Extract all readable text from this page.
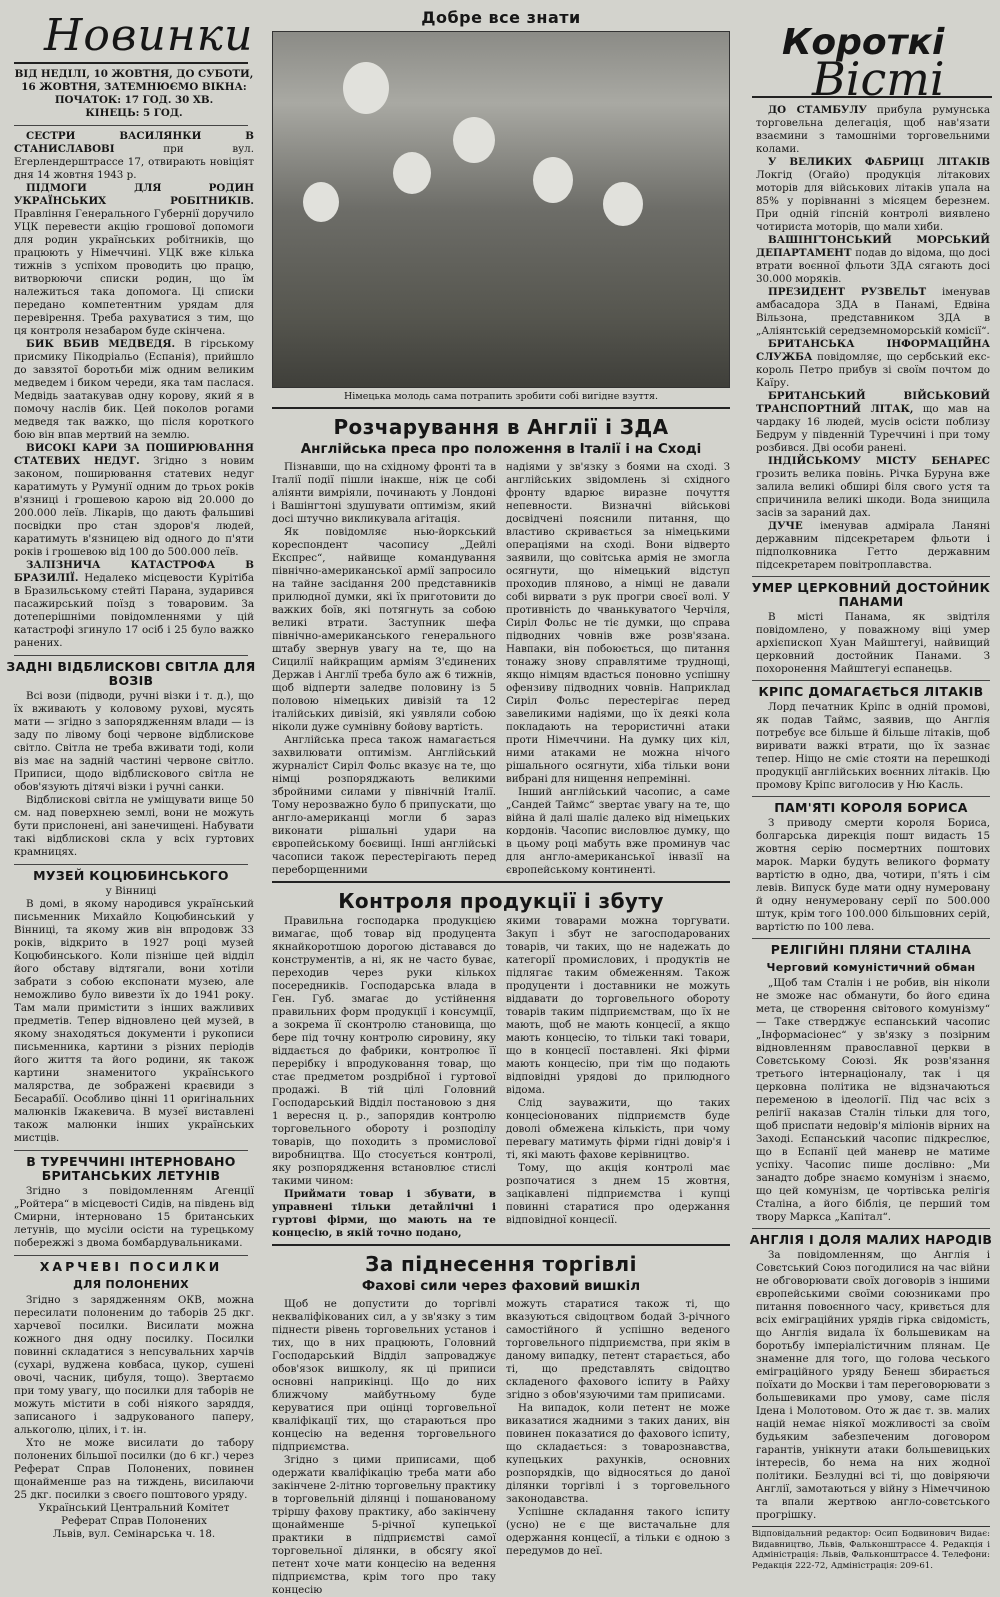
Новинки

ВІД НЕДІЛІ, 10 ЖОВТНЯ, ДО СУБОТИ,

16 ЖОВТНЯ, ЗАТЕМНЮЄМО ВІКНА:

ПОЧАТОК: 17 ГОД. 30 ХВ.

КІНЕЦЬ: 5 ГОД.

СЕСТРИ ВАСИЛЯНКИ В СТАНИСЛАВОВІ	при вул. Егерлендерштрассе 17, отвирають новіціят дня 14 жовтня 1943 р.

ПІДМОГИ ДЛЯ РОДИН УКРАЇНСЬКИХ РОБІТНИКІВ. Правління Генерального Губернії доручило УЦК перевести акцію грошової допомоги для родин українських робітників, що працюють у Німеччині. УЦК вже кілька тижнів з успіхом проводить цю працю, витворюючи списки родин, що їм належиться така допомога. Ці списки передано компетентним урядам для перевірення. Треба рахуватися з тим, що ця контроля незабаром буде скінчена.

БИК ВБИВ МЕДВЕДЯ. В гірському присмику Пікодріальо (Еспанія), прийшло до завзятої боротьби між одним великим медведем і биком череди, яка там паслася. Медвідь заатакував одну корову, який я в помочу наслів бик. Цей поколов рогами медведя так важко, що після короткого бою він впав мертвий на землю.

ВИСОКІ КАРИ ЗА ПОШИРЮВАННЯ СТАТЕВИХ НЕДУГ. Згідно з новим законом, поширювання статевих недуг каратимуть у Румунії одним до трьох років в'язниці і грошевою карою від 20.000 до 200.000 леїв. Лікарів, що дають фальшиві посвідки про стан здоров'я людей, каратимуть в'язницею від одного до п'яти років і грошевою від 100 до 500.000 леїв.

ЗАЛІЗНИЧА КАТАСТРОФА В БРАЗИЛІЇ. Недалеко місцевости Курітіба в Бразильському стейті Парана, зударився пасажирський поїзд з товаровим. За дотеперішніми повідомленнями у цій катастрофі згинуло 17 осіб і 25 було важко ранених.

ЗАДНІ ВІДБЛИСКОВІ СВІТЛА ДЛЯ ВОЗІВ

Всі вози (підводи, ручні візки і т. д.), що їх вживають у коловому руховi, мусять мати — згідно з запорядженням влади — із заду по лівому боці червоне відблискове світло. Світла не треба вживати тоді, коли віз має на задній частині червоне світло. Приписи, щодо відблискового світла не обов'язують дітячі візки і ручні санки.

Відблискові світла не уміщувати вище 50 см. над поверхнею землі, вони не можуть бути прислонені, ані занечищені. Набувати такі відблискові скла у всіх гуртових крамницях.

МУЗЕЙ КОЦЮБИНСЬКОГО

у Вінниці

В домі, в якому народився український письменник Михайло Коцюбинський у Вінниці, та якому жив він впродовж 33 років, відкрито в 1927 році музей Коцюбинського. Коли пізніше цей відділ його обставу відтягали, вони хотіли забрати з собою експонати музею, але неможливо було вивезти їх до 1941 року. Там мали примістити з інших важливих предметів. Тепер відновлено цей музей, в якому знаходяться документи і рукописи письменника, картини з різних періодів його життя та його родини, як також картини знаменитого українського малярства, де зображені краєвиди з Бесарабії. Особливо цінні 11 оригінальних малюнків Іжакевича. В музеї виставлені також малюнки інших українських мистців.

В ТУРЕЧЧИНІ ІНТЕРНОВАНО БРИТАНСЬКИХ ЛЕТУНІВ

Згідно з повідомленням Агенції „Ройтера“ в місцевості Сидів, на південь від Смирни, інтерновано 15 британських летунів, що мусіли осісти на турецькому побережжі з двома бомбардувальниками.

ХАРЧЕВІ ПОСИЛКИ
ДЛЯ ПОЛОНЕНИХ

Згідно з зарядженням ОКВ, можна пересилати полоненим до таборів 25 дкг. харчевої посилки. Висилати можна кожного дня одну посилку. Посилки повинні складатися з непсувальних харчів (сухарі, вуджена ковбаса, цукор, сушені овочі, часник, цибуля, тощо). Звертаємо при тому увагу, що посилки для таборів не можуть містити в собі ніякого заряддя, записаного і задрукованого паперу, алькоголю, цілих, і т. ін.

Хто не може висилати до табору полонених більшої посилки (до 6 кг.) через Реферат Справ Полонених, повинен щонайменше раз на тиждень, висилаючи 25 дкг. посилки з своєго поштового уряду.

Український Центральний Комітет

Реферат Справ Полонених

Львів, вул. Семінарська ч. 18.

Добре все знати

Німецька молодь сама потрапить зробити собі вигідне взуття.

Розчарування в Англії і ЗДА
Англійська преса про положення в Італії і на Сході

Пізнавши, що на східному фронті та в Італії події пішли інакше, ніж це собі аліянти вимріяли, починають у Лондоні і Вашінгтоні здушувати оптимізм, який досі штучно викликувала агітація.

Як повідомляє нью-йоркський кореспондент часопису „Дейлі Експрес“, найвище командування північно-американської армії запросило на тайне засідання 200 представників прилюдної думки, які їх приготовити до важких боїв, які потягнуть за собою великі втрати. Заступник шефа північно-американського генерального штабу звернув увагу на те, що на Сицилії найкращим арміям З'єдинених Держав і Англії треба було аж 6 тижнів, щоб відперти заледве половину із 5 половою німецьких дивізій та 12 італійських дивізій, які уявляли собою ніколи дуже сумнівну бойову вартість.

Англійська преса також намагається захвилювати оптимізм. Англійський журналіст Сиріл Фольс вказує на те, що німці розпоряджають великими збройними силами у північній Італії. Тому нерозважно було б припускати, що англо-американці могли б зараз виконати рішальні удари на європейському боєвищі. Інші англійські часописи також перестерігають перед переборщенними

надіями у зв'язку з боями на сході. З англійських звідомлень зі східного фронту вдарює виразне почуття непевности. Визначні військові досвідчені пояснили питання, що властиво скривається за німецькими операціями на сході. Вони відверто заявили, що совітська армія не змогла осягнути, що німецький відступ проходив пляново, а німці не давали собі вирвати з рук прогри своєї волі. У противність до чванькуватого Черчіля, Сиріл Фольс не тіє думки, що справа підводних човнів вже розв'язана. Навпаки, він побоюється, що питання тонажу знову справлятиме труднощі, якщо німцям вдасться поновно успішну офензиву підводних човнів. Наприклад Сиріл Фольс перестерігає перед завеликими надіями, що їх деякі кола покладають на терористичні атаки проти Німеччини. На думку цих кіл, ними атаками не можна нічого рішального осягнути, хіба тільки вони вибрані для нищення непремінні.

Інший англійський часопис, а саме „Сандей Таймс“ звертає увагу на те, що війна й далі шаліє далеко від німецьких кордонів. Часопис висловлює думку, що в цьому році мабуть вже проминув час для англо-американської інвазії на європейському континенті.

Контроля продукції і збуту

Правильна господарка продукцією вимагає, щоб товар від продуцента якнайкоротшою дорогою діставався до конструментів, а ні, як не часто буває, переходив через руки кількох посередників. Господарська влада в Ген. Губ. змагає до устійнення правильних форм продукції і консумції, а зокрема її сконтролю становища, що бере під точну контролю сировину, яку віддається до фабрики, контролює її перерібку і впродуковання товар, що стає предметом роздрібної і гуртової продажі. В тій цілі Головний Господарський Відділ постановою з дня 1 вересня ц. р., запорядив контролю торговельного обороту і розподілу товарів, що походить з промислової виробництва. Що стосується контролі, яку розпорядження встановлює стислі такими чином:

Приймати товар і збувати, в управнені тільки детайлічні і гуртові фірми, що мають на те концесію, в якій точно подано,

якими товарами можна торгувати. Закуп і збут не загосподарованих товарів, чи таких, що не надежать до категорії промислових, і продуктів не підлягає таким обмеженням. Також продуценти і доставники не можуть віддавати до торговельного обороту товарів таким підприємствам, що їх не мають, щоб не мають концесії, а якщо мають концесію, то тільки такі товари, що в концесії поставлені. Які фірми мають концесію, при тім що подають відповідні урядові до прилюдного відома.

Слід зауважити, що таких концесіонованих підприємств буде доволі обмежена кількість, при чому перевагу матимуть фірми гідні довір'я і ті, які мають фахове керівництво.

Тому, що акція контролі має розпочатися з днем 15 жовтня, зацікавлені підприємства і купці повинні старатися про одержання відповідної концесії.

За піднесення торгівлі
Фахові сили через фаховий вишкіл

Щоб не допустити до торгівлі некваліфікованих сил, а у зв'язку з тим піднести рівень торговельних установ і тих, що в них працюють, Головний Господарський Відділ запроваджує обов'язок вишколу, як ці приписи основні наприкінці. Що до них ближчому майбутньому буде керуватися при оцінці торговельної кваліфікації тих, що стараються про концесію на ведення торговельного підприємства.

Згідно з цими приписами, щоб одержати кваліфікацію треба мати або закінчене 2-літню торговельну практику в торговельній ділянці і пошанованому тріршу фахову практику, або закінчену щонайменше 5-річної купецької практики в підприємстві самої торговельної ділянки, в обсягу якої петент хоче мати концесію на ведення підприємства, крім того про таку концесію

можуть старатися також ті, що вказуються свідоцтвом бодай 3-річного самостійного й успішно веденого торговельного підприємства, при якім в даному випадку, петент старається, або ті, що представлять свідоцтво складеного фахового іспиту в Райху згідно з обов'язуючими там приписами.

На випадок, коли петент не може виказатися жадними з таких даних, він повинен показатися до фахового іспиту, що складається: з товарознавства, купецьких рахунків, основних розпорядків, що відносяться до даної ділянки торгівлі і з торговельного законодавства.

Успішне складання такого іспиту (усно) не є ще вистачальне для одержання концесії, а тільки є одною з передумов до неї.

Короткі
Вісті

ДО СТАМБУЛУ прибула румунська торговельна делегація, щоб нав'язати взаємини з тамошніми торговельними колами.

У ВЕЛИКИХ ФАБРИЦІ ЛІТАКІВ Локгід (Огайо) продукція літакових моторів для військових літаків упала на 85% у порівнанні з місяцем березнем. При одній гіпсній контролі виявлено чотириста моторів, що мали хиби.

ВАШІНГТОНСЬКИЙ МОРСЬКИЙ ДЕПАРТАМЕНТ подав до відома, що досі втрати воєнної фльоти ЗДА сягають досі 30.000 моряків.

ПРЕЗИДЕНТ РУЗВЕЛЬТ іменував амбасадора ЗДА в Панамі, Едвіна Вільзона, представником ЗДА в „Аліянтській середземноморській комісії“.

БРИТАНСЬКА ІНФОРМАЦІЙНА СЛУЖБА повідомляє, що сербський екс-король Петро прибув зі своїм почтом до Каїру.

БРИТАНСЬКИЙ ВІЙСЬКОВИЙ ТРАНСПОРТНИЙ ЛІТАК, що мав на чардаку 16 людей, мусів осісти поблизу Бедрум у південній Туреччині і при тому розбився. Дві особи ранені.

ІНДІЙСЬКОМУ МІСТУ БЕНАРЕС грозить велика повінь. Річка Буруна вже залила великі обширі біля свого устя та спричинила великі шкоди. Вода знищила засів за зараний дах.

ДУЧЕ іменував адмірала Ланяні державним підсекретарем фльоти і підполковника Гетто державним підсекретарем повітроплавства.

УМЕР ЦЕРКОВНИЙ ДОСТОЙНИК ПАНАМИ

В місті Панама, як звідтіля повідомлено, у поважному віці умер архієпископ Хуан Майштегуі, найвищий церковний достойник Панами. З похоронення Майштегуі еспанецьв.

КРІПС ДОМАГАЄТЬСЯ ЛІТАКІВ

Лорд печатник Кріпс в одній промові, як подав Таймс, заявив, що Англія потребує все більше й більше літаків, щоб виривати важкі втрати, що їх зазнає тепер. Ніщо не сміє стояти на перешкоді продукції англійських воєнних літаків. Цю промову Кріпс виголосив у Ню Касль.

ПАМ'ЯТІ КОРОЛЯ БОРИСА

З приводу смерти короля Бориса, болгарська дирекція пошт видасть 15 жовтня серію посмертних поштових марок. Марки будуть великого формату вартістю в одно, два, чотири, п'ять і сім левів. Випуск буде мати одну нумеровану й одну ненумеровану серії по 500.000 штук, крім того 100.000 більшовних серій, вартістю по 100 лева.

РЕЛІГІЙНІ ПЛЯНИ СТАЛІНА
Черговий комуністичний обман

„Щоб там Сталін і не робив, він ніколи не зможе нас обманути, бо його єдина мета, це створення світового комунізму“ — Таке стверджує еспанський часопис „Інформасіонес“ у зв'язку з позірним відновленням православної церкви в Совєтському Союзі. Як розв'язання третього інтернаціоналу, так і ця церковна політика не відзначаються переменою в ідеології. Під час всіх з релігії наказав Сталін тільки для того, щоб приспати недовір'я міліонів вірних на Заході. Еспанський часопис підкреслює, що в Еспанії цей маневр не матиме успіху. Часопис пише дослівно: „Ми занадто добре знаємо комунізм і знаємо, що цей комунізм, це чортівська релігія Сталіна, а його біблія, це перший том твору Маркса „Капітал“.

АНГЛІЯ І ДОЛЯ МАЛИХ НАРОДІВ

За повідомленням, що Англія і Совєтський Союз погодилися на час війни не обговорювати своїх договорів з іншими європейськими своїми союзниками про питання повоєнного часу, кривється для всіх еміграційних урядів гірка свідомість, що Англія видала їх большевикам на боротьбу імперіалістичним плянам. Це знаменне для того, що голова чеського еміграційного уряду Бенеш збирається поїхати до Москви і там переговорювати з большевиками про умову, саме після Ідена і Молотовом. Ото ж дає т. зв. малих націй немає ніякої можливості за своїм будьяким забезпеченим договором гарантів, унікнути атаки большевицьких інтересів, бо нема на них жодної політики. Безлудні всі ті, що довіряючи Англії, замотаються у війну з Німеччиною та впали жертвою англо-совєтського прогрішку.

Відповідальний редактор: Осип Бодвинович Видає: Видавництво, Львів, Фальконштрассе 4. Редакція і Адміністрація: Львів, Фальконштрассе 4. Телефони: Редакція 222-72, Адміністрація: 209-61.
